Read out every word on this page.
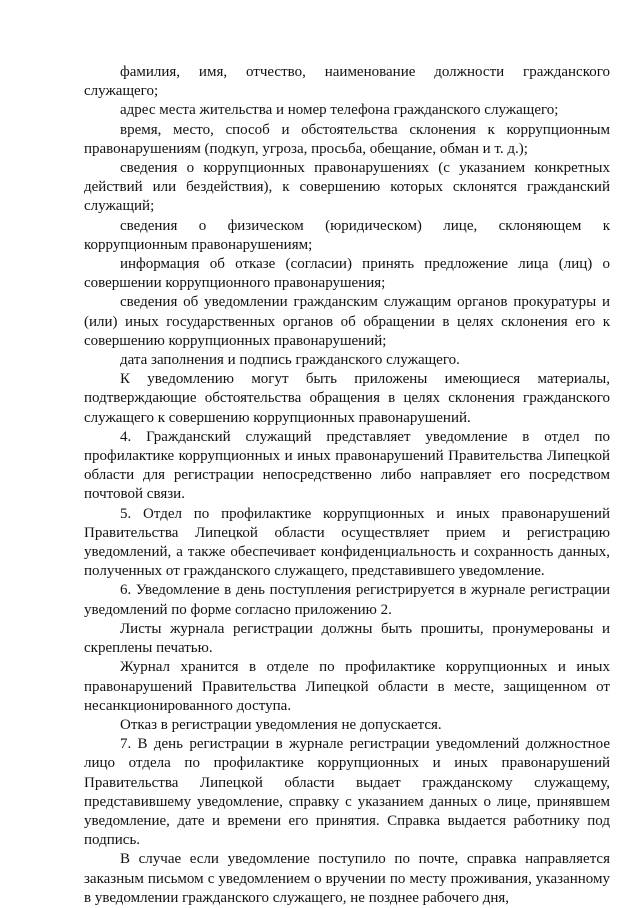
фамилия, имя, отчество, наименование должности гражданского служащего;

адрес места жительства и номер телефона гражданского служащего;

время, место, способ и обстоятельства склонения к коррупционным правонарушениям (подкуп, угроза, просьба, обещание, обман и т. д.);

сведения о коррупционных правонарушениях (с указанием конкретных действий или бездействия), к совершению которых склонятся гражданский служащий;

сведения о физическом (юридическом) лице, склоняющем к коррупционным правонарушениям;

информация об отказе (согласии) принять предложение лица (лиц) о совершении коррупционного правонарушения;

сведения об уведомлении гражданским служащим органов прокуратуры и (или) иных государственных органов об обращении в целях склонения его к совершению коррупционных правонарушений;

дата заполнения и подпись гражданского служащего.

К уведомлению могут быть приложены имеющиеся материалы, подтверждающие обстоятельства обращения в целях склонения гражданского служащего к совершению коррупционных правонарушений.

4. Гражданский служащий представляет уведомление в отдел по профилактике коррупционных и иных правонарушений Правительства Липецкой области для регистрации непосредственно либо направляет его посредством почтовой связи.

5. Отдел по профилактике коррупционных и иных правонарушений Правительства Липецкой области осуществляет прием и регистрацию уведомлений, а также обеспечивает конфиденциальность и сохранность данных, полученных от гражданского служащего, представившего уведомление.

6. Уведомление в день поступления регистрируется в журнале регистрации уведомлений по форме согласно приложению 2.

Листы журнала регистрации должны быть прошиты, пронумерованы и скреплены печатью.

Журнал хранится в отделе по профилактике коррупционных и иных правонарушений Правительства Липецкой области в месте, защищенном от несанкционированного доступа.

Отказ в регистрации уведомления не допускается.

7. В день регистрации в журнале регистрации уведомлений должностное лицо отдела по профилактике коррупционных и иных правонарушений Правительства Липецкой области выдает гражданскому служащему, представившему уведомление, справку с указанием данных о лице, принявшем уведомление, дате и времени его принятия. Справка выдается работнику под подпись.

В случае если уведомление поступило по почте, справка направляется заказным письмом с уведомлением о вручении по месту проживания, указанному в уведомлении гражданского служащего, не позднее рабочего дня,
